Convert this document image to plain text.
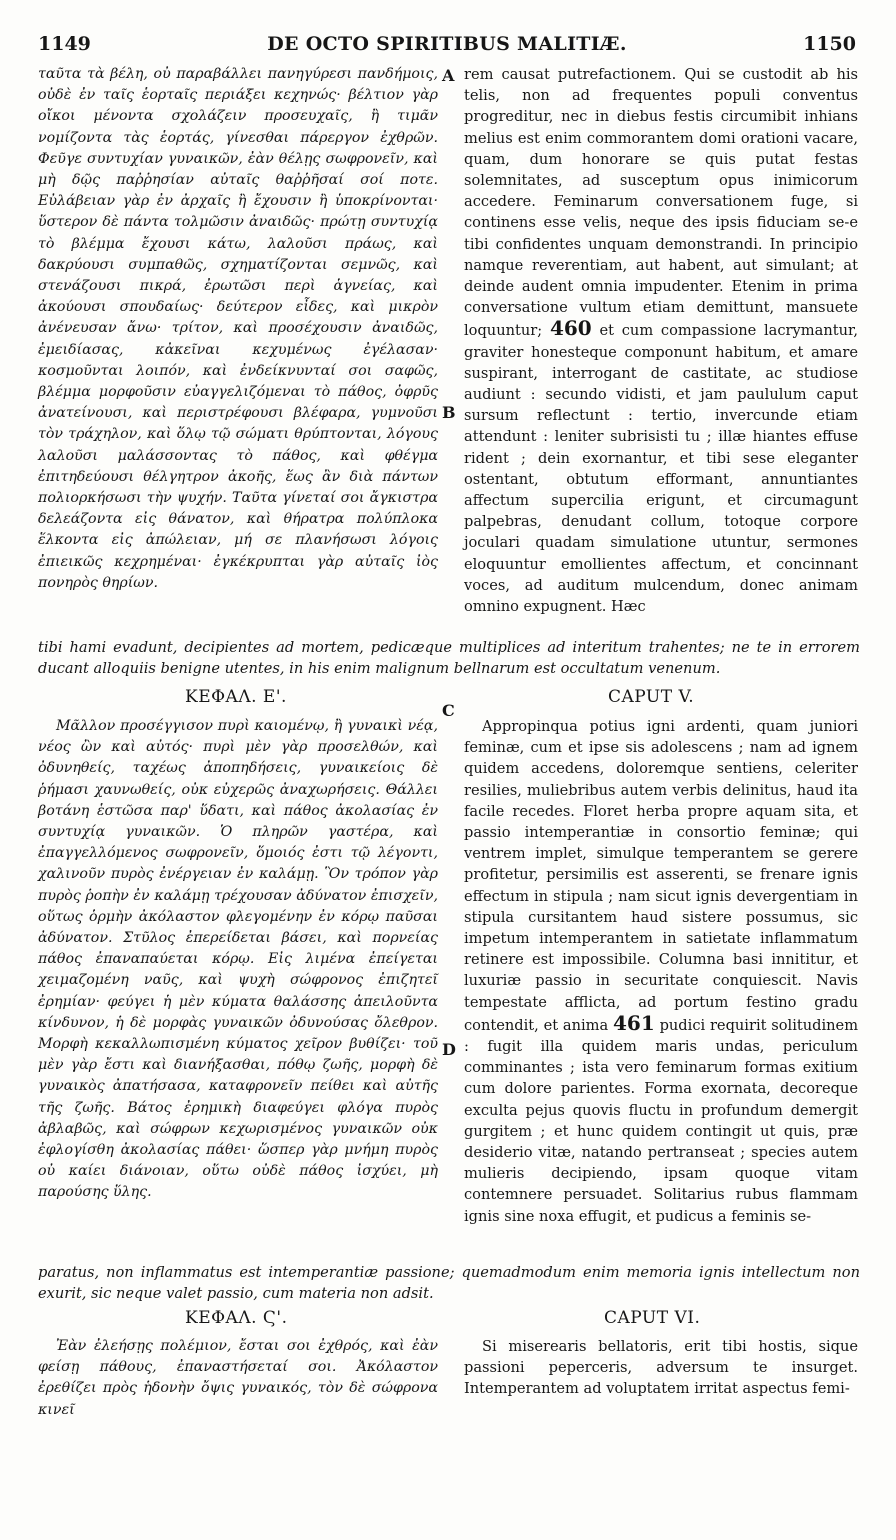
1149	DE OCTO SPIRITIBUS MALITIÆ.	1150

ταῦτα τὰ βέλη, οὐ παραβάλλει πανηγύρεσι πανδήμοις, οὐδὲ ἐν ταῖς ἑορταῖς περιάξει κεχηνώς· βέλτιον γὰρ οἴκοι μένοντα σχολάζειν προσευχαῖς, ἢ τιμᾶν νομίζοντα τὰς ἑορτάς, γίνεσθαι πάρεργον ἐχθρῶν. Φεῦγε συντυχίαν γυναικῶν, ἐὰν θέλῃς σωφρονεῖν, καὶ μὴ δῷς παῤῥησίαν αὐταῖς θαῤῥῆσαί σοί ποτε. Εὐλάβειαν γὰρ ἐν ἀρχαῖς ἢ ἔχουσιν ἢ ὑποκρίνονται· ὕστερον δὲ πάντα τολμῶσιν ἀναιδῶς· πρώτῃ συντυχίᾳ τὸ βλέμμα ἔχουσι κάτω, λαλοῦσι πράως, καὶ δακρύουσι συμπαθῶς, σχηματίζονται σεμνῶς, καὶ στενάζουσι πικρά, ἐρωτῶσι περὶ ἁγνείας, καὶ ἀκούουσι σπουδαίως· δεύτερον εἶδες, καὶ μικρὸν ἀνένευσαν ἄνω· τρίτον, καὶ προσέχουσιν ἀναιδῶς, ἐμειδίασας, κἀκεῖναι κεχυμένως ἐγέλασαν· κοσμοῦνται λοιπόν, καὶ ἐνδείκνυνταί σοι σαφῶς, βλέμμα μορφοῦσιν εὐαγγελιζόμεναι τὸ πάθος, ὀφρῦς ἀνατείνουσι, καὶ περιστρέφουσι βλέφαρα, γυμνοῦσι τὸν τράχηλον, καὶ ὅλῳ τῷ σώματι θρύπτονται, λόγους λαλοῦσι μαλάσσοντας τὸ πάθος, καὶ φθέγμα ἐπιτηδεύουσι θέλγητρον ἀκοῆς, ἕως ἂν διὰ πάντων πολιορκήσωσι τὴν ψυχήν. Ταῦτα γίνεταί σοι ἄγκιστρα δελεάζοντα εἰς θάνατον, καὶ θήρατρα πολύπλοκα ἕλκοντα εἰς ἀπώλειαν, μή σε πλανήσωσι λόγοις ἐπιεικῶς κεχρημέναι· ἐγκέκρυπται γὰρ αὐταῖς ἰὸς πονηρὸς θηρίων.

A rem causat putrefactionem. Qui se custodit ab his telis, non ad frequentes populi conventus progreditur, nec in diebus festis circumibit inhians melius est enim commorantem domi orationi vacare, quam, dum honorare se quis putat festas solemnitates, ad susceptum opus inimicorum accedere. Feminarum conversationem fuge, si continens esse velis, neque des ipsis fiduciam se-e tibi confidentes unquam demonstrandi. In principio namque reverentiam, aut habent, aut simulant; at deinde audent omnia impudenter. Etenim in prima conversatione vultum etiam demittunt, mansuete loquuntur; 460 et cum compassione lacrymantur, graviter honesteque componunt habitum, et amare suspirant, interrogant de castitate, ac studiose audiunt : secundo vidisti, et jam paululum caput sursum reflectunt : tertio, invercunde etiam attendunt : leniter subrisisti tu ; illæ hiantes effuse rident ; dein exornantur, et tibi sese eleganter ostentant, obtutum efformant, annuntiantes affectum supercilia erigunt, et circumagunt palpebras, denudant collum, totoque corpore joculari quadam simulatione utuntur, sermones eloquuntur emollientes affectum, et concinnant voces, ad auditum mulcendum, donec animam omnino expugnent. Hæc

B

tibi hami evadunt, decipientes ad mortem, pedicæque multiplices ad interitum trahentes; ne te in errorem ducant alloquiis benigne utentes, in his enim malignum bellnarum est occultatum venenum.

ΚΕΦΑΛ. Ε'.
C
CAPUT V.

Μᾶλλον προσέγγισον πυρὶ καιομένῳ, ἢ γυναικὶ νέᾳ, νέος ὢν καὶ αὐτός· πυρὶ μὲν γὰρ προσελθών, καὶ ὀδυνηθείς, ταχέως ἀποπηδήσεις, γυναικείοις δὲ ῥήμασι χαυνωθείς, οὐκ εὐχερῶς ἀναχωρήσεις. Θάλλει βοτάνη ἑστῶσα παρ' ὕδατι, καὶ πάθος ἀκολασίας ἐν συντυχίᾳ γυναικῶν. Ὁ πληρῶν γαστέρα, καὶ ἐπαγγελλόμενος σωφρονεῖν, ὅμοιός ἐστι τῷ λέγοντι, χαλινοῦν πυρὸς ἐνέργειαν ἐν καλάμῃ. Ὃν τρόπον γὰρ πυρὸς ῥοπὴν ἐν καλάμῃ τρέχουσαν ἀδύνατον ἐπισχεῖν, οὕτως ὁρμὴν ἀκόλαστον φλεγομένην ἐν κόρῳ παῦσαι ἀδύνατον. Στῦλος ἐπερείδεται βάσει, καὶ πορνείας πάθος ἐπαναπαύεται κόρῳ. Εἰς λιμένα ἐπείγεται χειμαζομένη ναῦς, καὶ ψυχὴ σώφρονος ἐπιζητεῖ ἐρημίαν· φεύγει ἡ μὲν κύματα θαλάσσης ἀπειλοῦντα κίνδυνον, ἡ δὲ μορφὰς γυναικῶν ὀδυνούσας ὄλεθρον. Μορφὴ κεκαλλωπισμένη κύματος χεῖρον βυθίζει· τοῦ μὲν γὰρ ἔστι καὶ διανήξασθαι, πόθῳ ζωῆς, μορφὴ δὲ γυναικὸς ἀπατήσασα, καταφρονεῖν πείθει καὶ αὐτῆς τῆς ζωῆς. Βάτος ἐρημικὴ διαφεύγει φλόγα πυρὸς ἀβλαβῶς, καὶ σώφρων κεχωρισμένος γυναικῶν οὐκ ἐφλογίσθη ἀκολασίας πάθει· ὥσπερ γὰρ μνήμη πυρὸς οὐ καίει διάνοιαν, οὕτω οὐδὲ πάθος ἰσχύει, μὴ παρούσης ὕλης.

D

Appropinqua potius igni ardenti, quam juniori feminæ, cum et ipse sis adolescens ; nam ad ignem quidem accedens, doloremque sentiens, celeriter resilies, muliebribus autem verbis delinitus, haud ita facile recedes. Floret herba propre aquam sita, et passio intemperantiæ in consortio feminæ; qui ventrem implet, simulque temperantem se gerere profitetur, persimilis est asserenti, se frenare ignis effectum in stipula ; nam sicut ignis devergentiam in stipula cursitantem haud sistere possumus, sic impetum intemperantem in satietate inflammatum retinere est impossibile. Columna basi innititur, et luxuriæ passio in securitate conquiescit. Navis tempestate afflicta, ad portum festino gradu contendit, et anima 461 pudici requirit solitudinem : fugit illa quidem maris undas, periculum comminantes ; ista vero feminarum formas exitium cum dolore parientes. Forma exornata, decoreque exculta pejus quovis fluctu in profundum demergit gurgitem ; et hunc quidem contingit ut quis, præ desiderio vitæ, natando pertranseat ; species autem mulieris decipiendo, ipsam quoque vitam contemnere persuadet. Solitarius rubus flammam ignis sine noxa effugit, et pudicus a feminis se-

paratus, non inflammatus est intemperantiæ passione; quemadmodum enim memoria ignis intellectum non exurit, sic neque valet passio, cum materia non adsit.

ΚΕΦΑΛ. Ϛ'.	CAPUT VI.

Ἐὰν ἐλεήσῃς πολέμιον, ἔσται σοι ἐχθρός, καὶ ἐὰν φείσῃ πάθους, ἐπαναστήσεταί σοι. Ἀκόλαστον ἐρεθίζει πρὸς ἡδονὴν ὄψις γυναικός, τὸν δὲ σώφρονα κινεῖ

Si miserearis bellatoris, erit tibi hostis, sique passioni peperceris, adversum te insurget. Intemperantem ad voluptatem irritat aspectus femi-
